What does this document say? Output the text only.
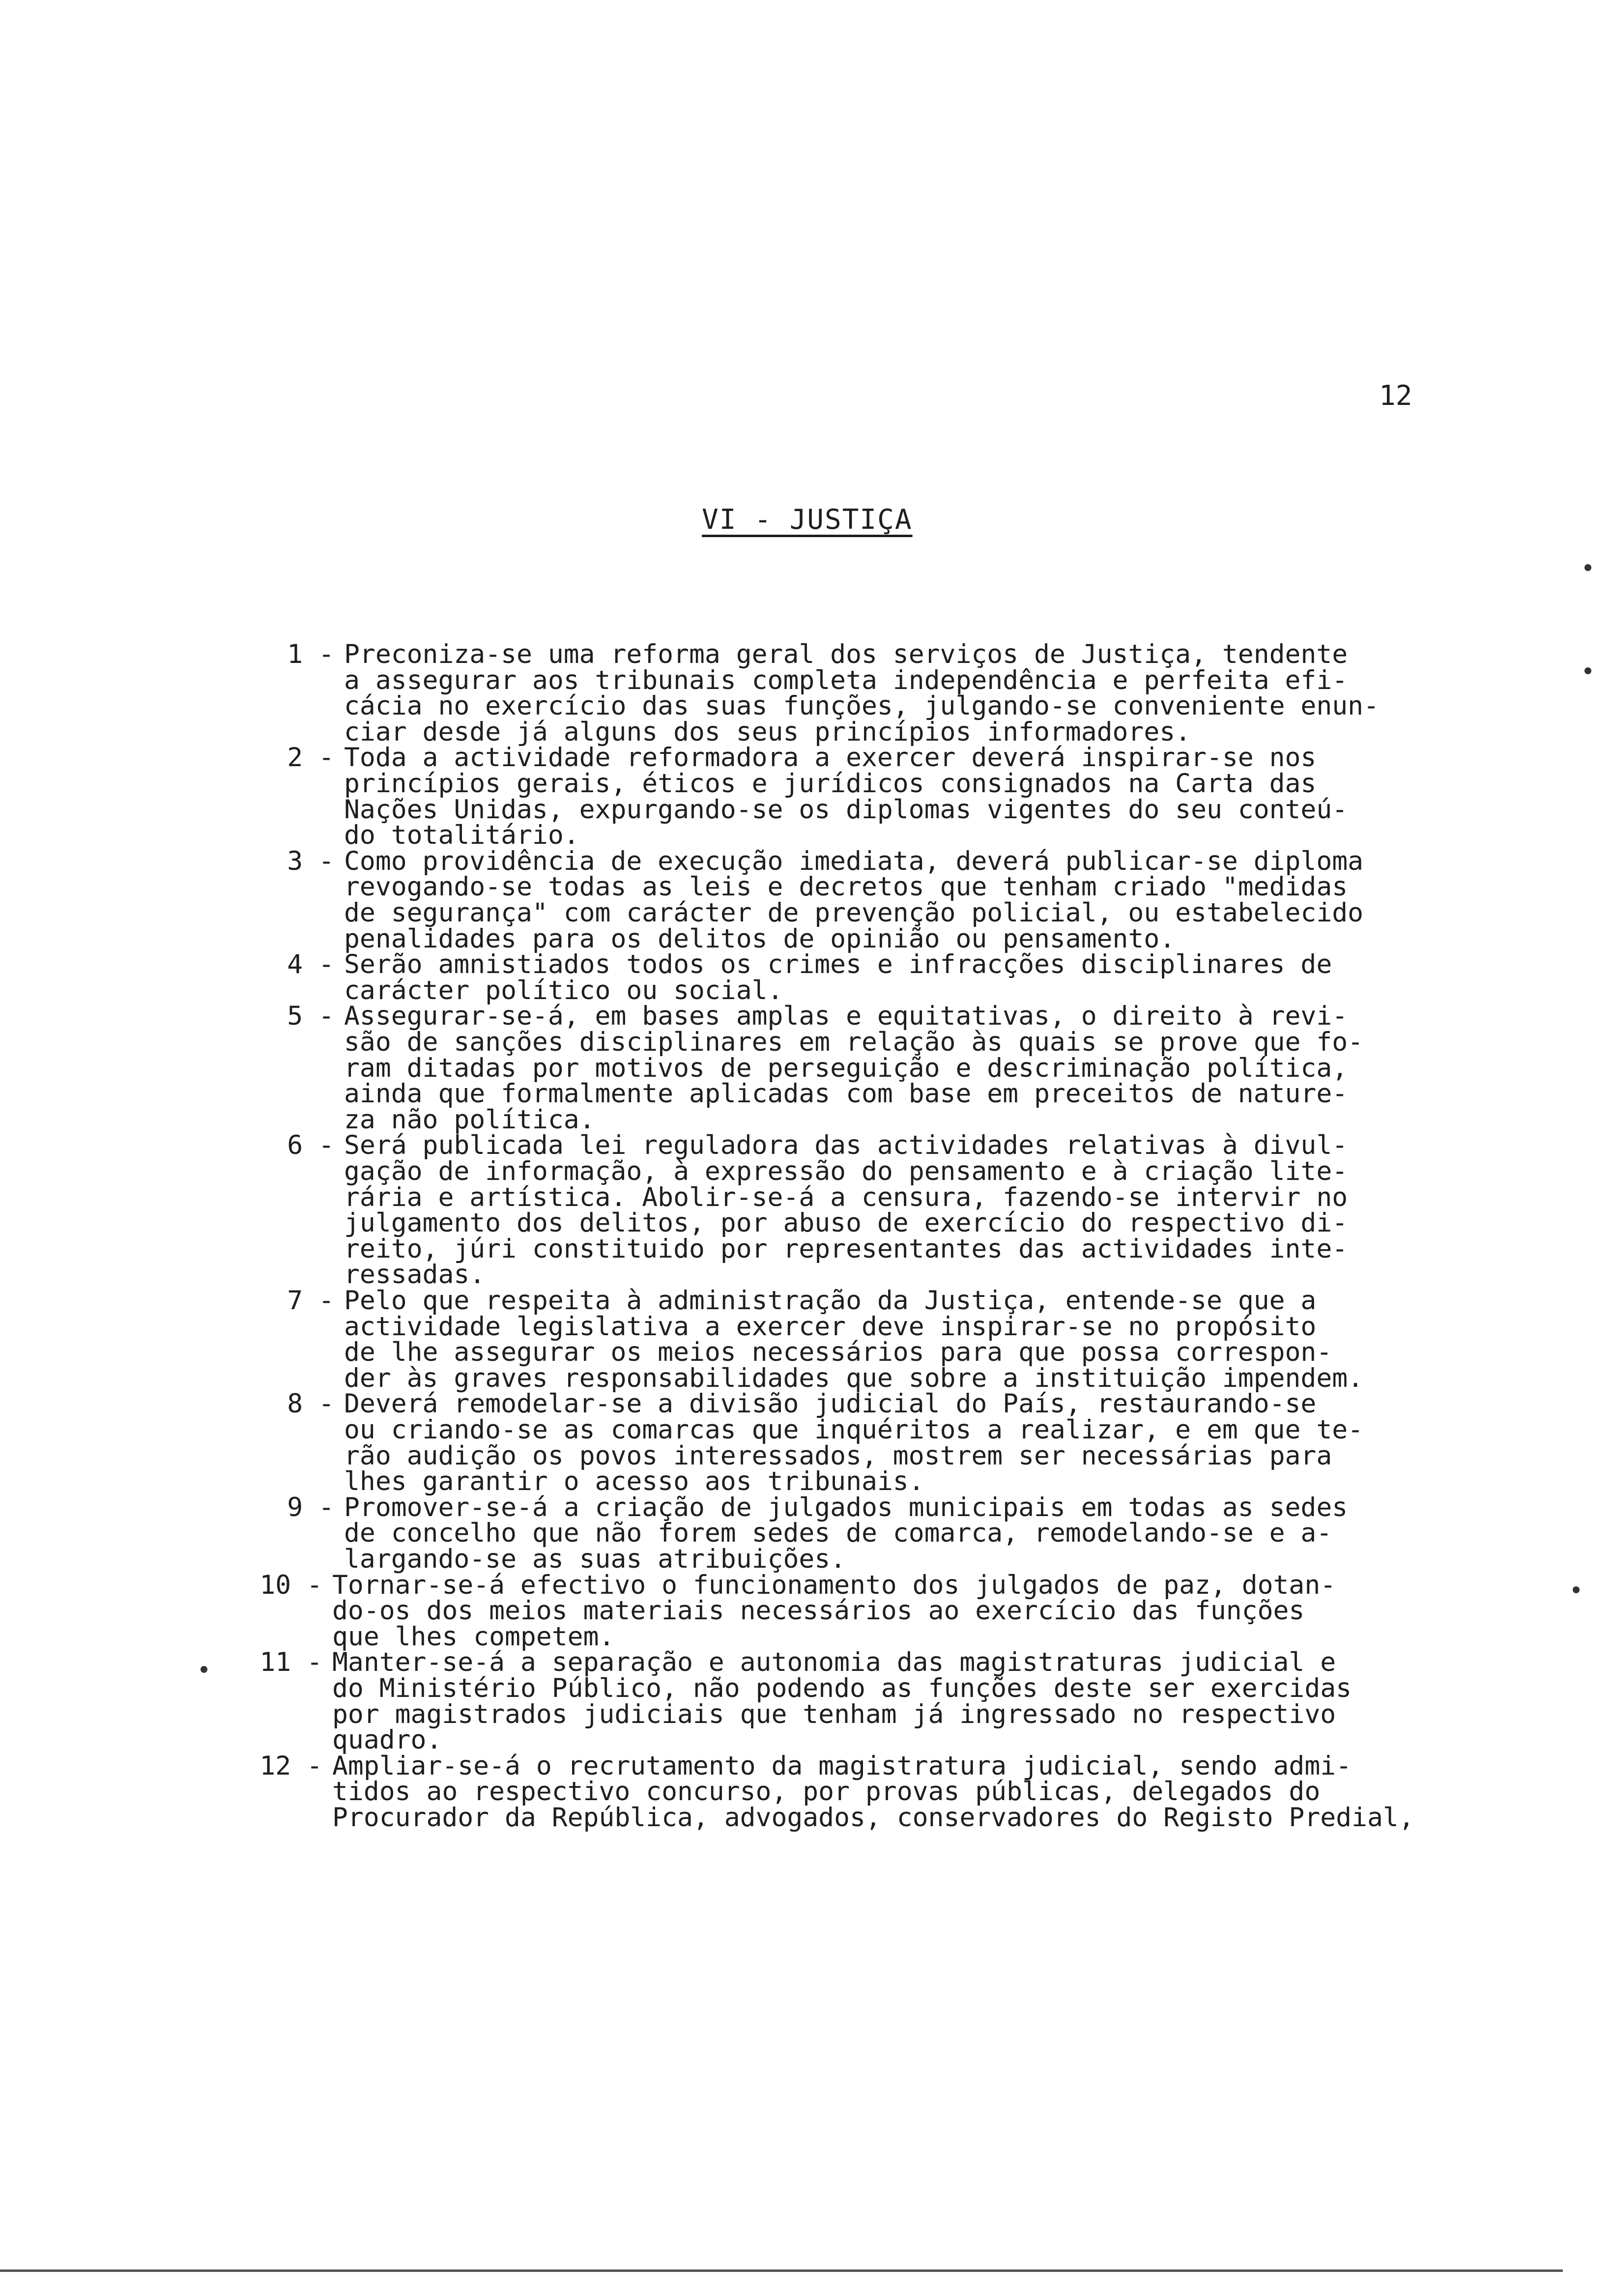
12
VI - JUSTIÇA
1 - Preconiza-se uma reforma geral dos serviços de Justiça, tendente
a assegurar aos tribunais completa independência e perfeita efi-
cácia no exercício das suas funções, julgando-se conveniente enun-
ciar desde já alguns dos seus princípios informadores.
2 - Toda a actividade reformadora a exercer deverá inspirar-se nos
princípios gerais, éticos e jurídicos consignados na Carta das
Nações Unidas, expurgando-se os diplomas vigentes do seu conteú-
do totalitário.
3 - Como providência de execução imediata, deverá publicar-se diploma
revogando-se todas as leis e decretos que tenham criado "medidas
de segurança" com carácter de prevenção policial, ou estabelecido
penalidades para os delitos de opinião ou pensamento.
4 - Serão amnistiados todos os crimes e infracções disciplinares de
carácter político ou social.
5 - Assegurar-se-á, em bases amplas e equitativas, o direito à revi-
são de sanções disciplinares em relação às quais se prove que fo-
ram ditadas por motivos de perseguição e descriminação política,
ainda que formalmente aplicadas com base em preceitos de nature-
za não política.
6 - Será publicada lei reguladora das actividades relativas à divul-
gação de informação, à expressão do pensamento e à criação lite-
rária e artística. Abolir-se-á a censura, fazendo-se intervir no
julgamento dos delitos, por abuso de exercício do respectivo di-
reito, júri constituido por representantes das actividades inte-
ressadas.
7 - Pelo que respeita à administração da Justiça, entende-se que a
actividade legislativa a exercer deve inspirar-se no propósito
de lhe assegurar os meios necessários para que possa correspon-
der às graves responsabilidades que sobre a instituição impendem.
8 - Deverá remodelar-se a divisão judicial do País, restaurando-se
ou criando-se as comarcas que inquéritos a realizar, e em que te-
rão audição os povos interessados, mostrem ser necessárias para
lhes garantir o acesso aos tribunais.
9 - Promover-se-á a criação de julgados municipais em todas as sedes
de concelho que não forem sedes de comarca, remodelando-se e a-
largando-se as suas atribuições.
10 - Tornar-se-á efectivo o funcionamento dos julgados de paz, dotan-
do-os dos meios materiais necessários ao exercício das funções
que lhes competem.
11 - Manter-se-á a separação e autonomia das magistraturas judicial e
do Ministério Público, não podendo as funções deste ser exercidas
por magistrados judiciais que tenham já ingressado no respectivo
quadro.
12 - Ampliar-se-á o recrutamento da magistratura judicial, sendo admi-
tidos ao respectivo concurso, por provas públicas, delegados do
Procurador da República, advogados, conservadores do Registo Predial,
